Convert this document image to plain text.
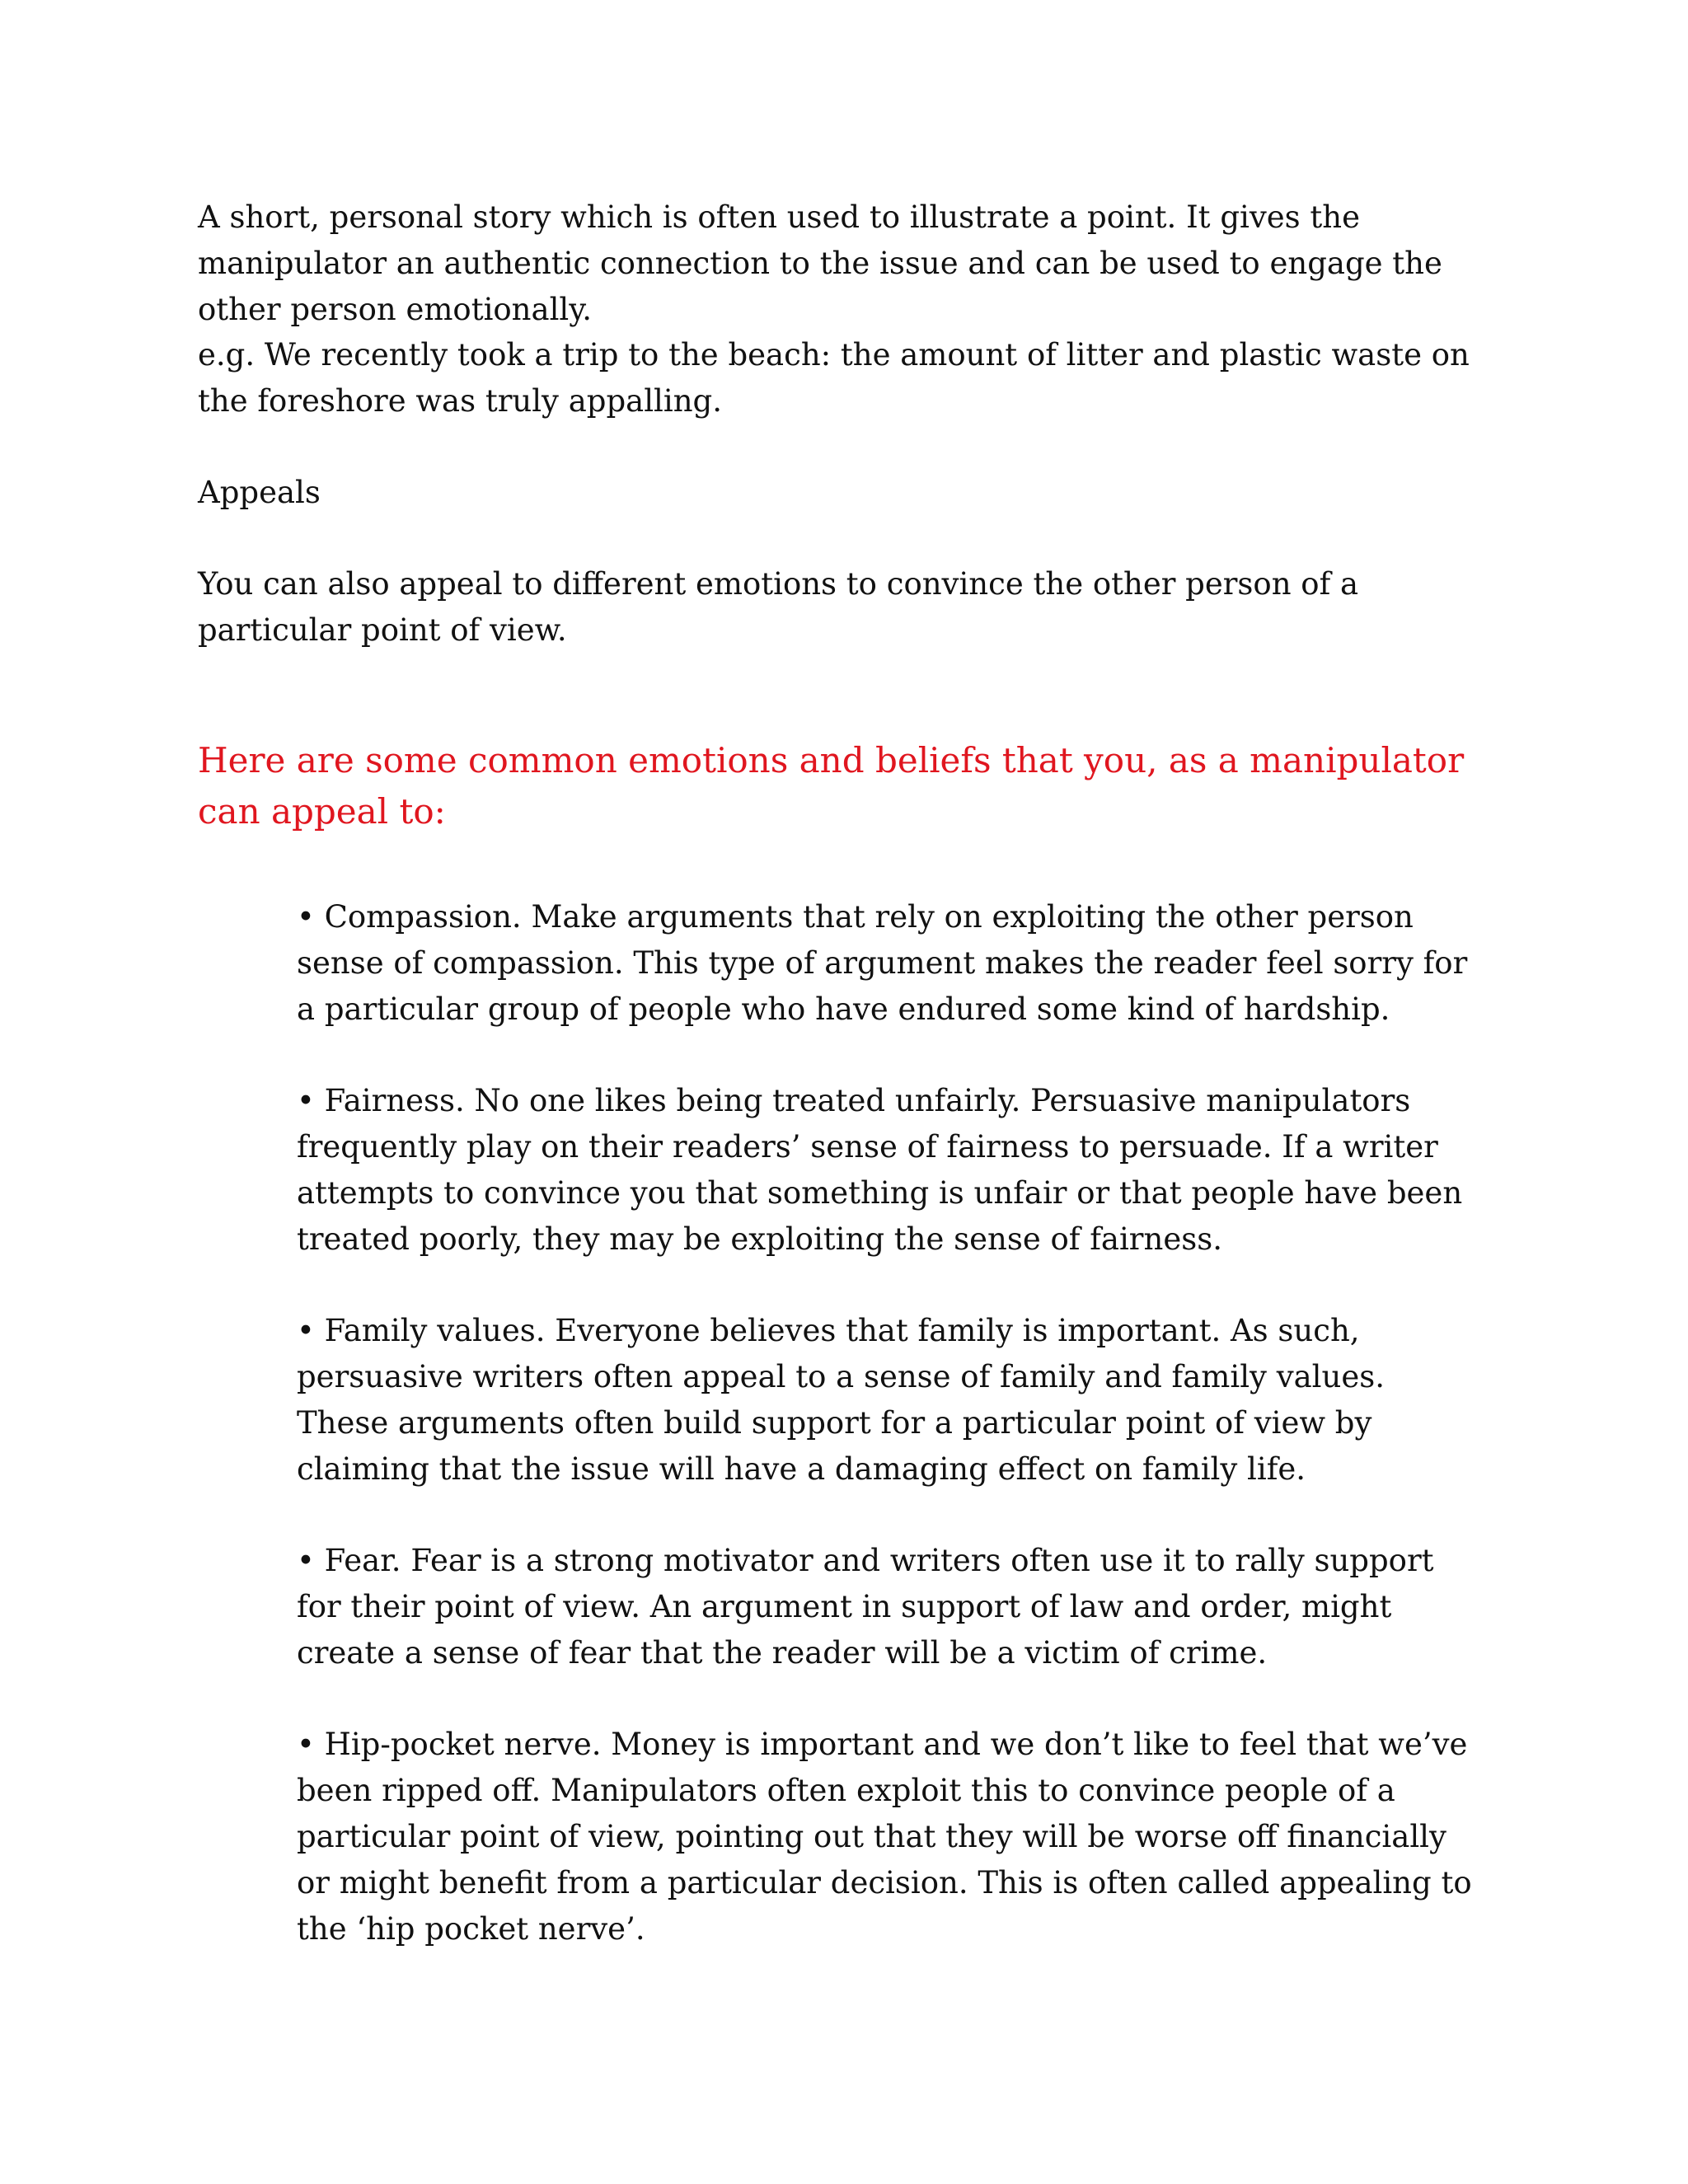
A short, personal story which is often used to illustrate a point. It gives the manipulator an authentic connection to the issue and can be used to engage the other person emotionally.

e.g. We recently took a trip to the beach: the amount of litter and plastic waste on the foreshore was truly appalling.

Appeals

You can also appeal to different emotions to convince the other person of a particular point of view.

Here are some common emotions and beliefs that you, as a manipulator can appeal to:

• Compassion. Make arguments that rely on exploiting the other person sense of compassion. This type of argument makes the reader feel sorry for a particular group of people who have endured some kind of hardship.

• Fairness. No one likes being treated unfairly. Persuasive manipulators frequently play on their readers’ sense of fairness to persuade. If a writer attempts to convince you that something is unfair or that people have been treated poorly, they may be exploiting the sense of fairness.

• Family values. Everyone believes that family is important. As such, persuasive writers often appeal to a sense of family and family values. These arguments often build support for a particular point of view by claiming that the issue will have a damaging effect on family life.

• Fear. Fear is a strong motivator and writers often use it to rally support for their point of view. An argument in support of law and order, might create a sense of fear that the reader will be a victim of crime.

• Hip-pocket nerve. Money is important and we don’t like to feel that we’ve been ripped off. Manipulators often exploit this to convince people of a particular point of view, pointing out that they will be worse off financially or might benefit from a particular decision. This is often called appealing to the ‘hip pocket nerve’.
